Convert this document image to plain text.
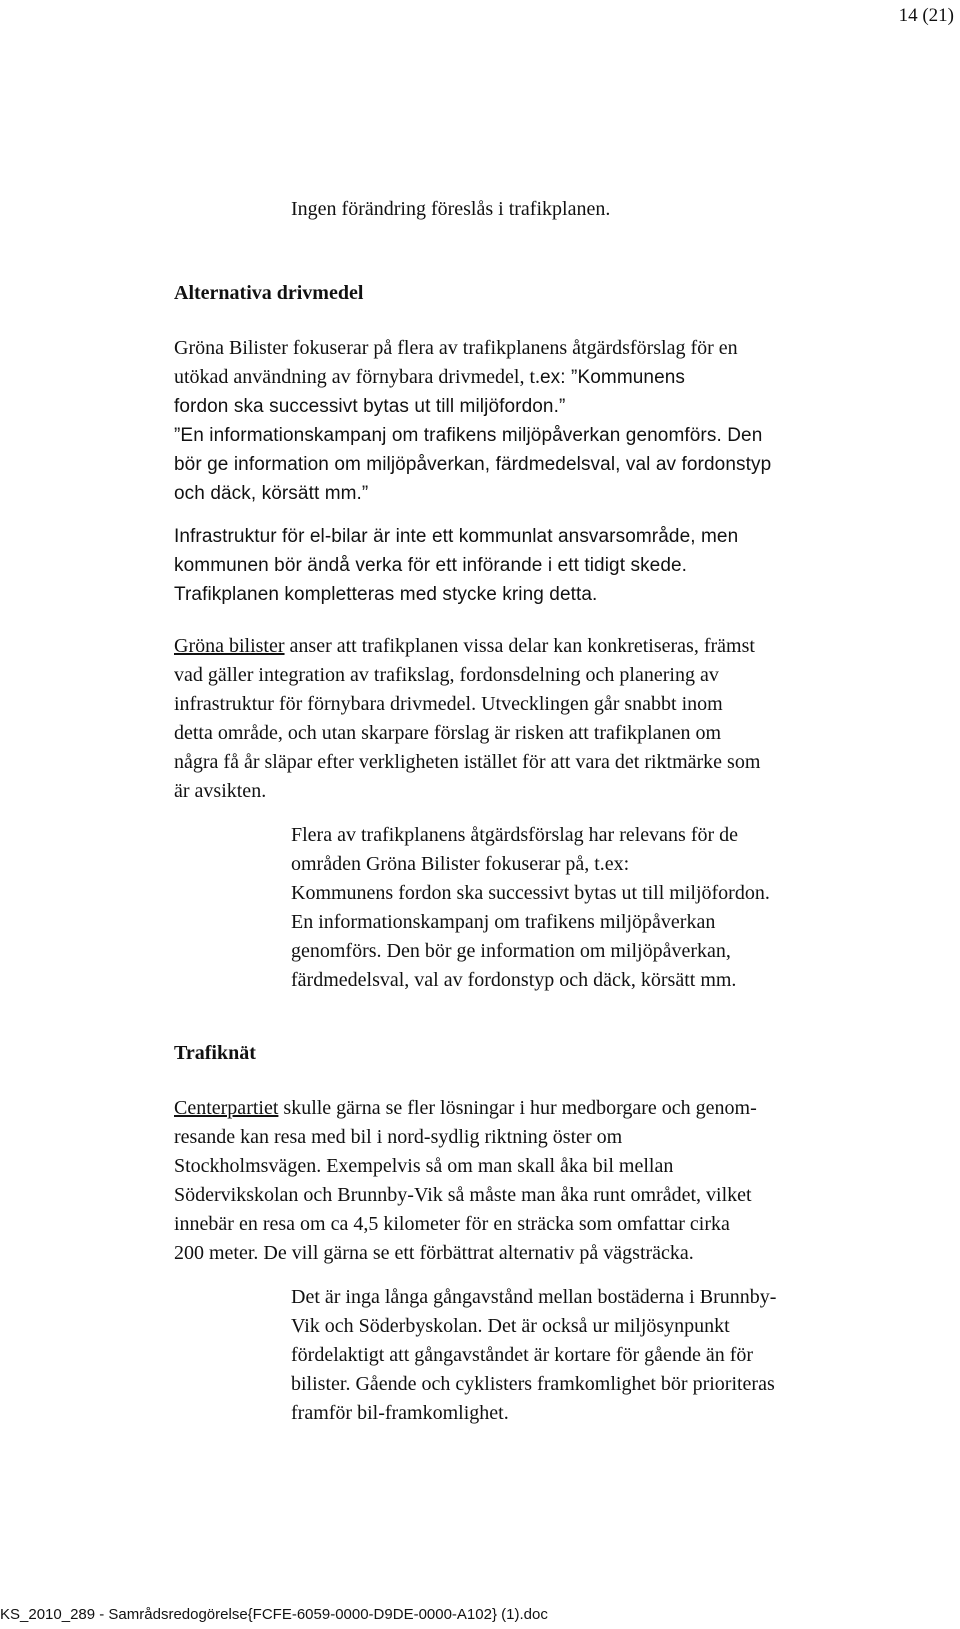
14 (21)

Ingen förändring föreslås i trafikplanen.

Alternativa drivmedel

Gröna Bilister fokuserar på flera av trafikplanens åtgärdsförslag för en

utökad användning av förnybara drivmedel, t.ex: ”Kommunens

fordon ska successivt bytas ut till miljöfordon.”

”En informationskampanj om trafikens miljöpåverkan genomförs. Den

bör ge information om miljöpåverkan, färdmedelsval, val av fordonstyp

och däck, körsätt mm.”

Infrastruktur för el-bilar är inte ett kommunlat ansvarsområde, men

kommunen bör ändå verka för ett införande i ett tidigt skede.

Trafikplanen kompletteras med stycke kring detta.

Gröna bilister anser att trafikplanen vissa delar kan konkretiseras, främst

vad gäller integration av trafikslag, fordonsdelning och planering av

infrastruktur för förnybara drivmedel. Utvecklingen går snabbt inom

detta område, och utan skarpare förslag är risken att trafikplanen om

några få år släpar efter verkligheten istället för att vara det riktmärke som

är avsikten.

Flera av trafikplanens åtgärdsförslag har relevans för de

områden Gröna Bilister fokuserar på, t.ex:

Kommunens fordon ska successivt bytas ut till miljöfordon.

En informationskampanj om trafikens miljöpåverkan

genomförs. Den bör ge information om miljöpåverkan,

färdmedelsval, val av fordonstyp och däck, körsätt mm.

Trafiknät

Centerpartiet skulle gärna se fler lösningar i hur medborgare och genom-

resande kan resa med bil i nord-sydlig riktning öster om

Stockholmsvägen. Exempelvis så om man skall åka bil mellan

Södervikskolan och Brunnby-Vik så måste man åka runt området, vilket

innebär en resa om ca 4,5 kilometer för en sträcka som omfattar cirka

200 meter. De vill gärna se ett förbättrat alternativ på vägsträcka.

Det är inga långa gångavstånd mellan bostäderna i Brunnby-

Vik och Söderbyskolan. Det är också ur miljösynpunkt

fördelaktigt att gångavståndet är kortare för gående än för

bilister. Gående och cyklisters framkomlighet bör prioriteras

framför bil-framkomlighet.

KS_2010_289 - Samrådsredogörelse{FCFE-6059-0000-D9DE-0000-A102} (1).doc
